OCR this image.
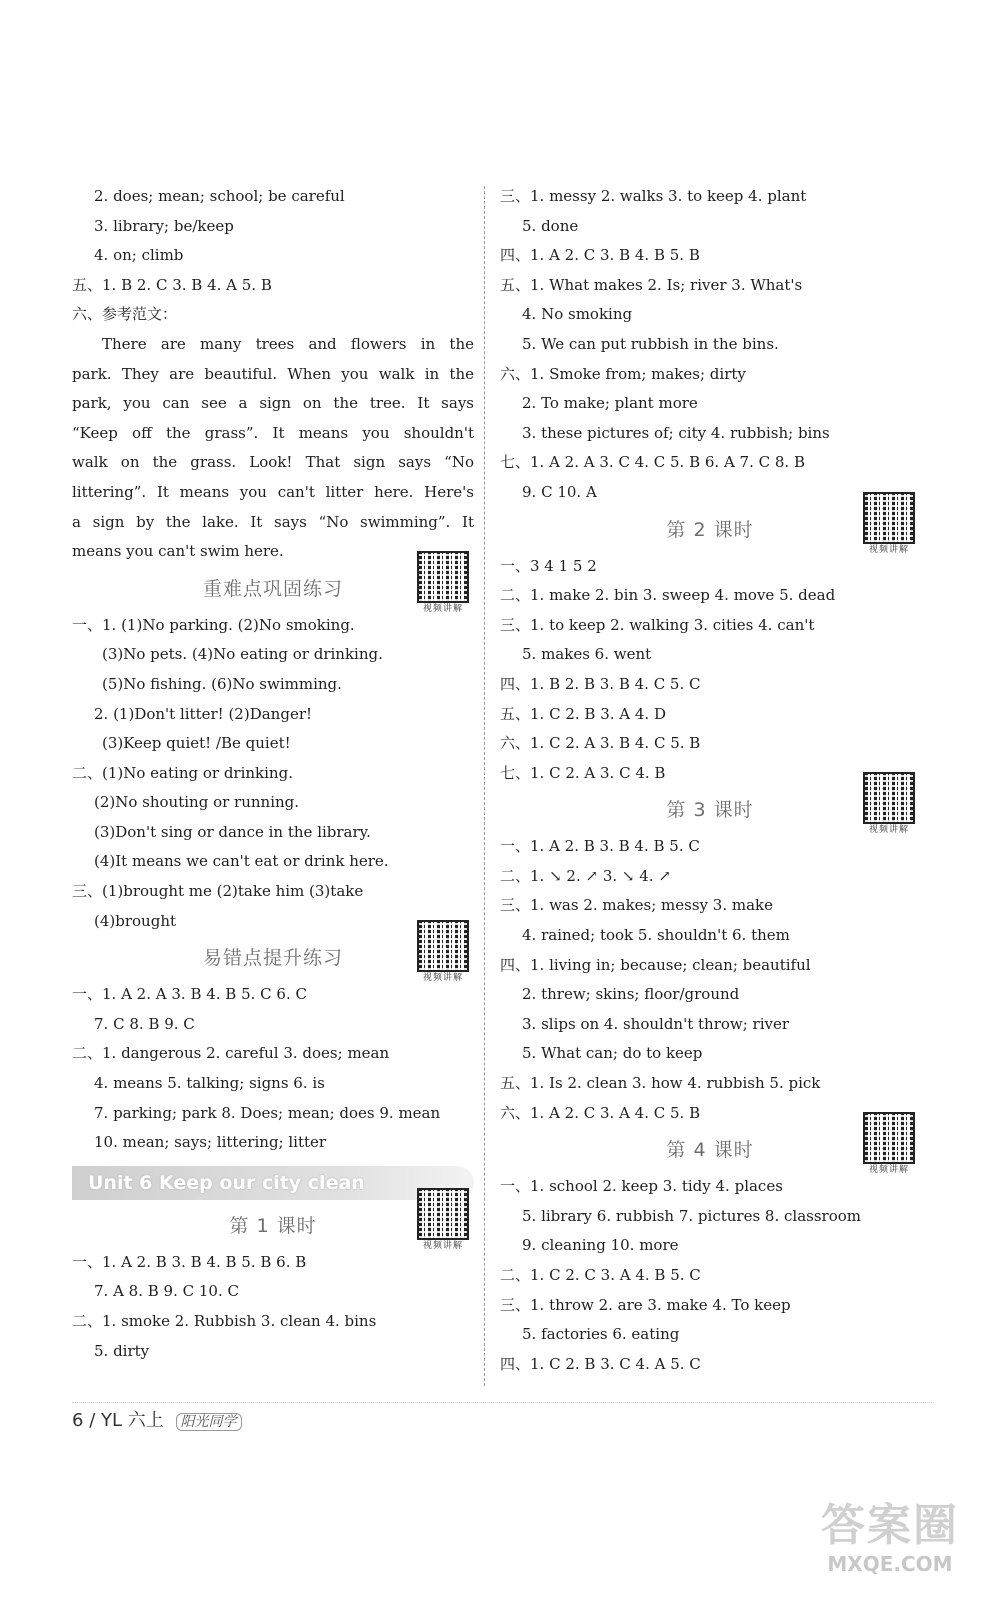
2. does; mean; school; be careful
3. library; be/keep
4. on; climb
五、1. B 2. C 3. B 4. A 5. B
六、参考范文：
There are many trees and flowers in the
park. They are beautiful. When you walk in the
park, you can see a sign on the tree. It says
“Keep off the grass”. It means you shouldn't
walk on the grass. Look! That sign says “No
littering”. It means you can't litter here. Here's
a sign by the lake. It says “No swimming”. It
means you can't swim here.
重难点巩固练习
视频讲解
一、1. (1)No parking. (2)No smoking.
(3)No pets. (4)No eating or drinking.
(5)No fishing. (6)No swimming.
2. (1)Don't litter! (2)Danger!
(3)Keep quiet! /Be quiet!
二、(1)No eating or drinking.
(2)No shouting or running.
(3)Don't sing or dance in the library.
(4)It means we can't eat or drink here.
三、(1)brought me (2)take him (3)take
(4)brought
易错点提升练习
视频讲解
一、1. A 2. A 3. B 4. B 5. C 6. C
7. C 8. B 9. C
二、1. dangerous 2. careful 3. does; mean
4. means 5. talking; signs 6. is
7. parking; park 8. Does; mean; does 9. mean
10. mean; says; littering; litter
Unit 6 Keep our city clean
第 1 课时
视频讲解
一、1. A 2. B 3. B 4. B 5. B 6. B
7. A 8. B 9. C 10. C
二、1. smoke 2. Rubbish 3. clean 4. bins
5. dirty
三、1. messy 2. walks 3. to keep 4. plant
5. done
四、1. A 2. C 3. B 4. B 5. B
五、1. What makes 2. Is; river 3. What's
4. No smoking
5. We can put rubbish in the bins.
六、1. Smoke from; makes; dirty
2. To make; plant more
3. these pictures of; city 4. rubbish; bins
七、1. A 2. A 3. C 4. C 5. B 6. A 7. C 8. B
9. C 10. A
第 2 课时
视频讲解
一、3 4 1 5 2
二、1. make 2. bin 3. sweep 4. move 5. dead
三、1. to keep 2. walking 3. cities 4. can't
5. makes 6. went
四、1. B 2. B 3. B 4. C 5. C
五、1. C 2. B 3. A 4. D
六、1. C 2. A 3. B 4. C 5. B
七、1. C 2. A 3. C 4. B
第 3 课时
视频讲解
一、1. A 2. B 3. B 4. B 5. C
二、1. ↘ 2. ↗ 3. ↘ 4. ↗
三、1. was 2. makes; messy 3. make
4. rained; took 5. shouldn't 6. them
四、1. living in; because; clean; beautiful
2. threw; skins; floor/ground
3. slips on 4. shouldn't throw; river
5. What can; do to keep
五、1. Is 2. clean 3. how 4. rubbish 5. pick
六、1. A 2. C 3. A 4. C 5. B
第 4 课时
视频讲解
一、1. school 2. keep 3. tidy 4. places
5. library 6. rubbish 7. pictures 8. classroom
9. cleaning 10. more
二、1. C 2. C 3. A 4. B 5. C
三、1. throw 2. are 3. make 4. To keep
5. factories 6. eating
四、1. C 2. B 3. C 4. A 5. C
6 / YL 六上 阳光同学
答案圈
MXQE.COM
